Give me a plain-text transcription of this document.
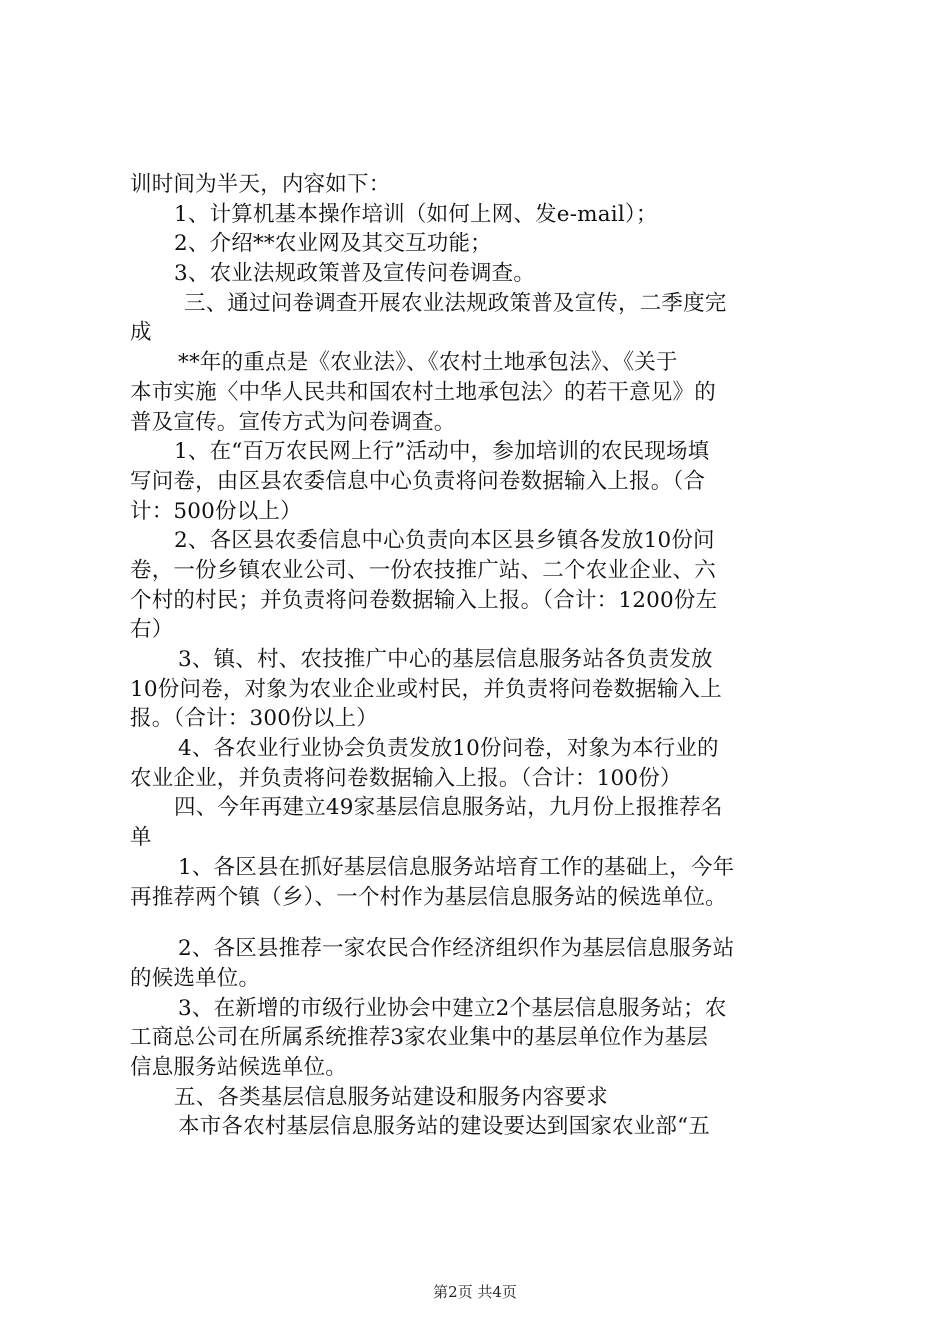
训时间为半天，内容如下：
1、计算机基本操作培训（如何上网、发e-mail）；
2、介绍**农业网及其交互功能；
3、农业法规政策普及宣传问卷调查。
三、通过问卷调查开展农业法规政策普及宣传，二季度完
成
**年的重点是《农业法》、《农村土地承包法》、《关于
本市实施〈中华人民共和国农村土地承包法〉的若干意见》的
普及宣传。宣传方式为问卷调查。
1、在“百万农民网上行”活动中，参加培训的农民现场填
写问卷，由区县农委信息中心负责将问卷数据输入上报。（合
计：500份以上）
2、各区县农委信息中心负责向本区县乡镇各发放10份问
卷，一份乡镇农业公司、一份农技推广站、二个农业企业、六
个村的村民；并负责将问卷数据输入上报。（合计：1200份左
右）
3、镇、村、农技推广中心的基层信息服务站各负责发放
10份问卷，对象为农业企业或村民，并负责将问卷数据输入上
报。（合计：300份以上）
4、各农业行业协会负责发放10份问卷，对象为本行业的
农业企业，并负责将问卷数据输入上报。（合计：100份）
四、今年再建立49家基层信息服务站，九月份上报推荐名
单
1、各区县在抓好基层信息服务站培育工作的基础上，今年
再推荐两个镇（乡）、一个村作为基层信息服务站的候选单位。
2、各区县推荐一家农民合作经济组织作为基层信息服务站
的候选单位。
3、在新增的市级行业协会中建立2个基层信息服务站；农
工商总公司在所属系统推荐3家农业集中的基层单位作为基层
信息服务站候选单位。
五、各类基层信息服务站建设和服务内容要求
本市各农村基层信息服务站的建设要达到国家农业部“五
第2页 共4页
